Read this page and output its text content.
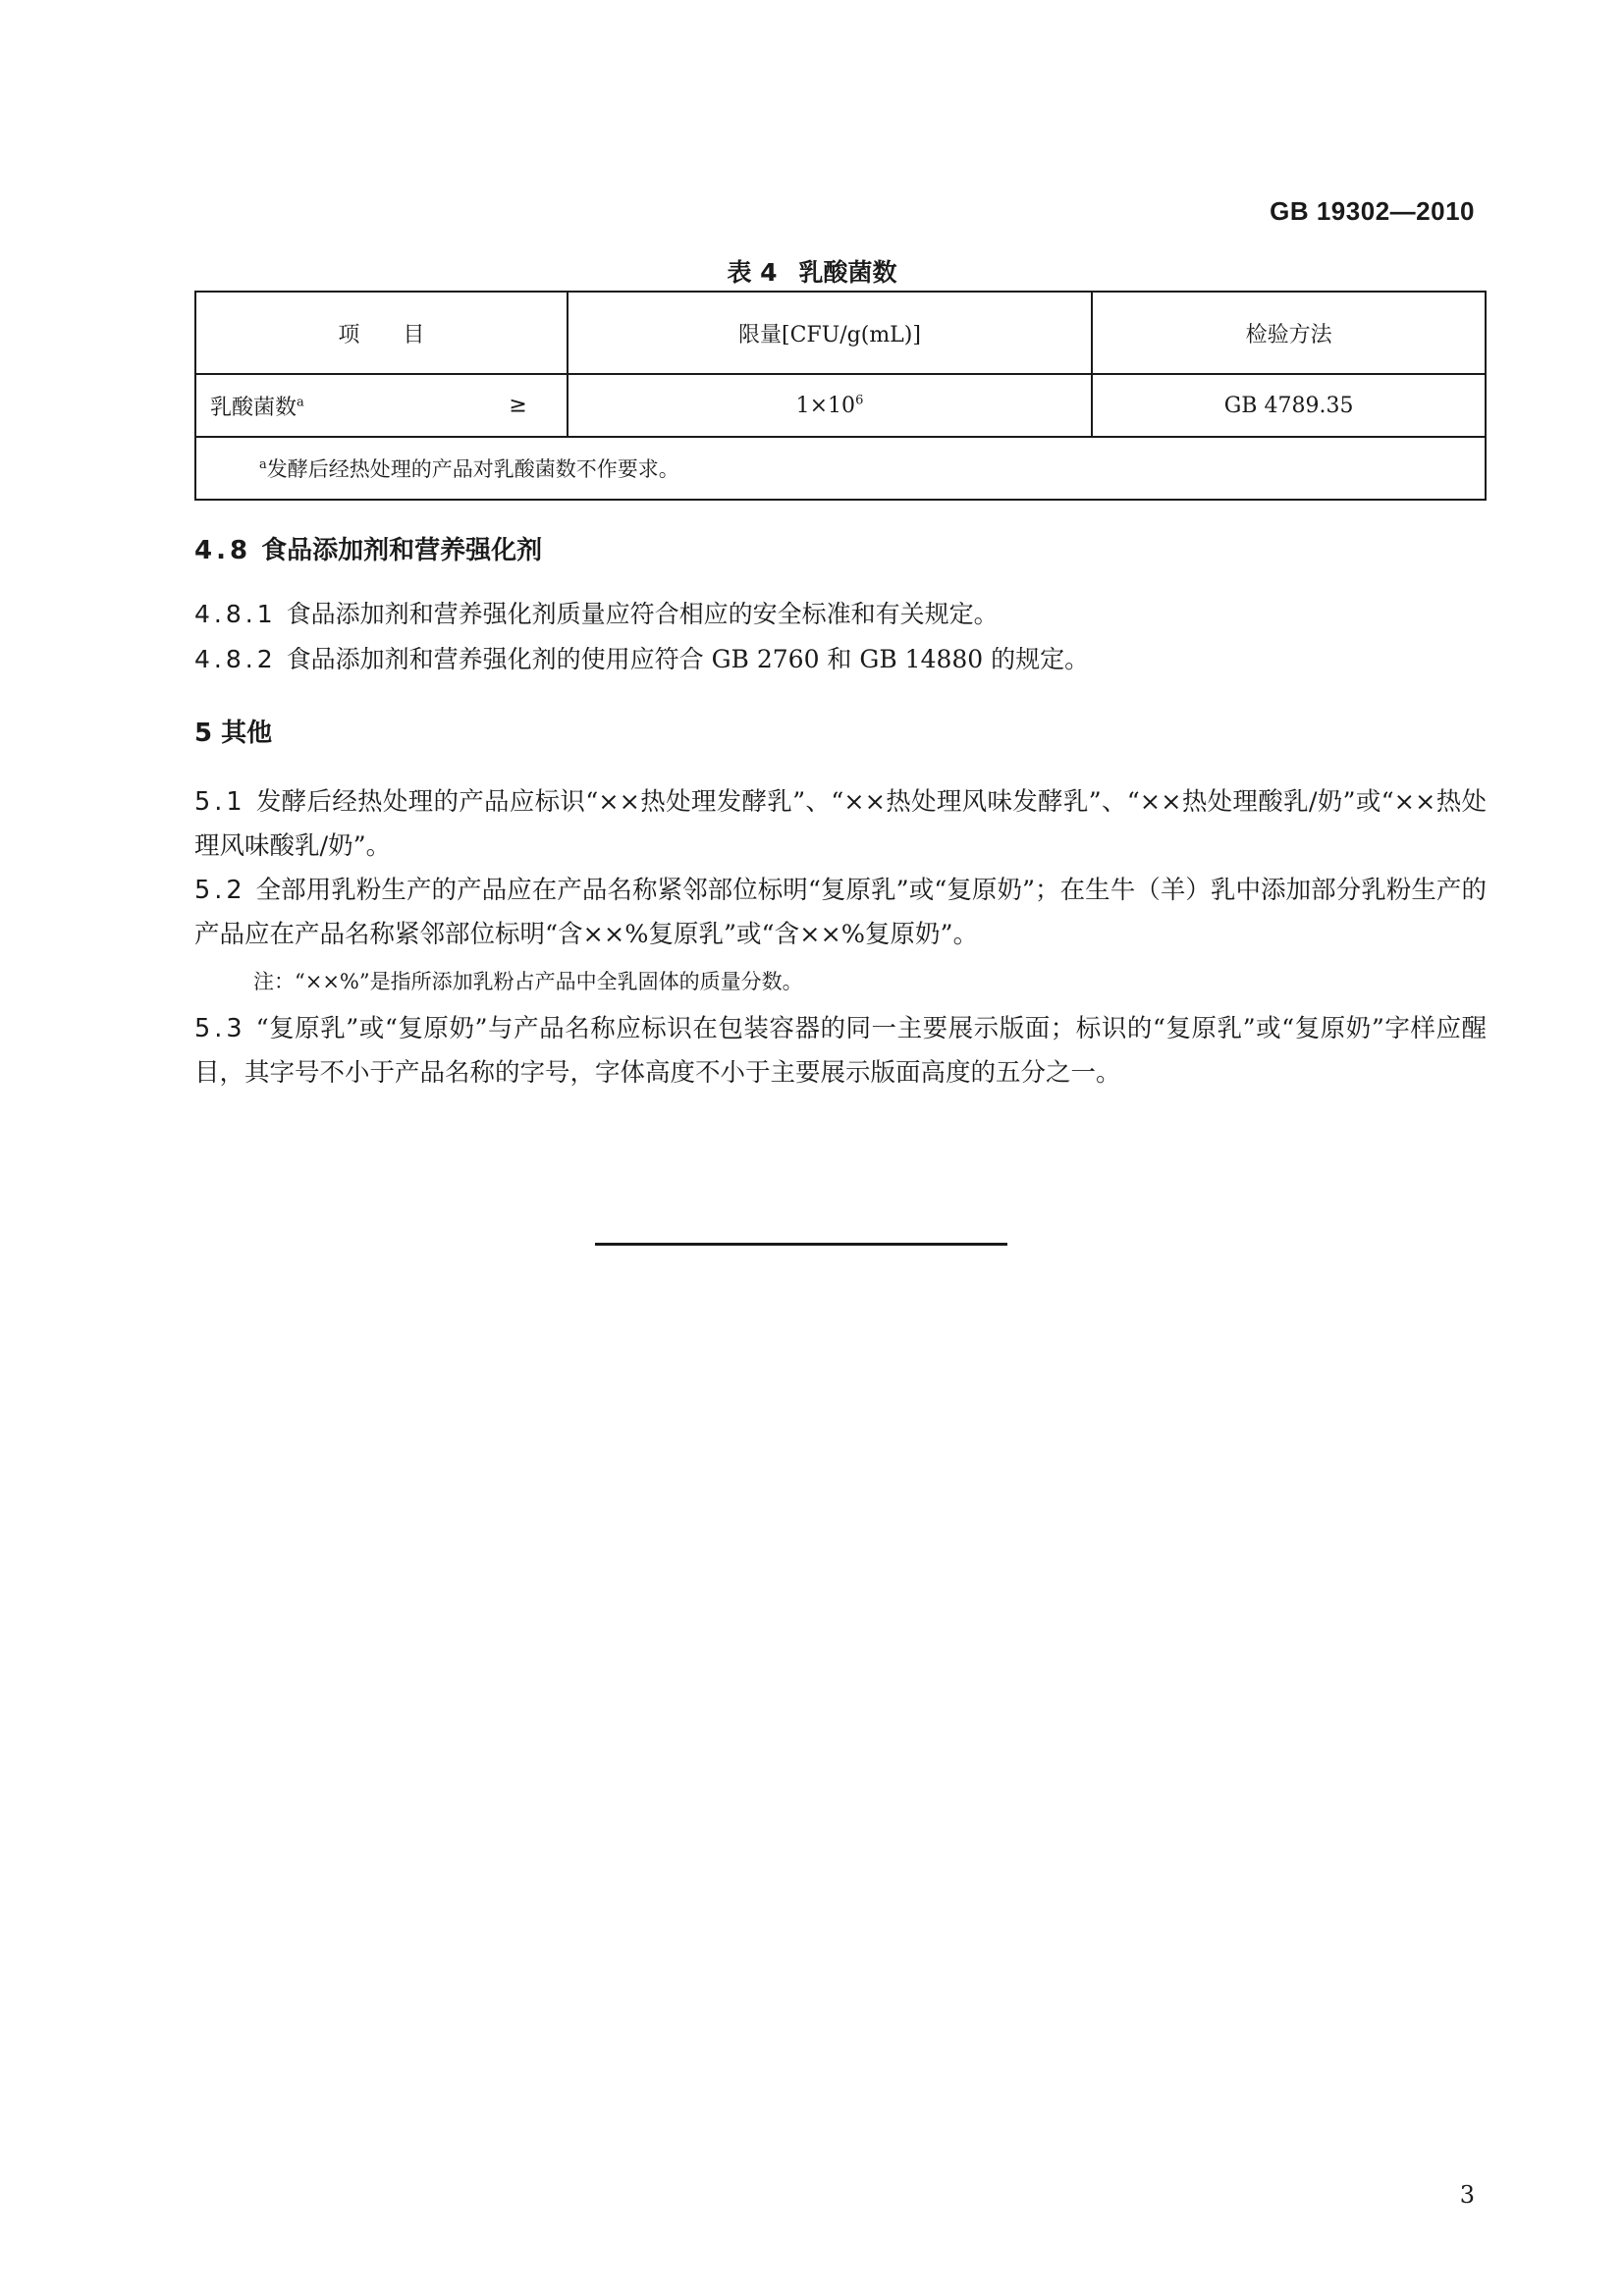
GB 19302—2010
表 4 乳酸菌数
项　　目	限量[CFU/g(mL)]	检验方法
乳酸菌数$^a$ ≥	$1\times 10^6$	GB 4789.35
$^a$发酵后经热处理的产品对乳酸菌数不作要求。		
4.8 食品添加剂和营养强化剂
4.8.1 食品添加剂和营养强化剂质量应符合相应的安全标准和有关规定。
4.8.2 食品添加剂和营养强化剂的使用应符合 GB 2760 和 GB 14880 的规定。
5 其他

5.1 发酵后经热处理的产品应标识“××热处理发酵乳”、“××热处理风味发酵乳”、“××热处理酸乳/奶”或“××热处理风味酸乳/奶”。

5.2 全部用乳粉生产的产品应在产品名称紧邻部位标明“复原乳”或“复原奶”；在生牛（羊）乳中添加部分乳粉生产的产品应在产品名称紧邻部位标明“含××%复原乳”或“含××%复原奶”。

注：“××%”是指所添加乳粉占产品中全乳固体的质量分数。

5.3 “复原乳”或“复原奶”与产品名称应标识在包装容器的同一主要展示版面；标识的“复原乳”或“复原奶”字样应醒目，其字号不小于产品名称的字号，字体高度不小于主要展示版面高度的五分之一。

3
